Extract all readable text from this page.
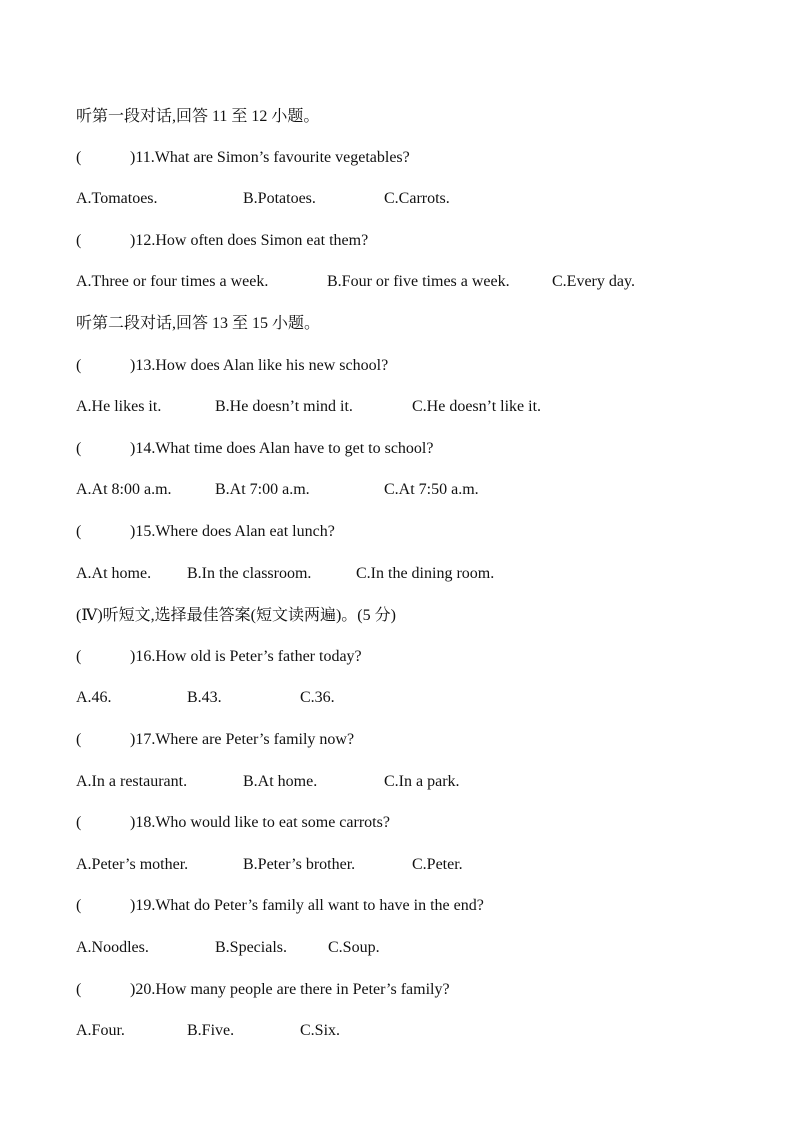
听第一段对话,回答 11 至 12 小题。
(	)11.What are Simon’s favourite vegetables?
A.Tomatoes.	B.Potatoes.	C.Carrots.
(	)12.How often does Simon eat them?
A.Three or four times a week.	B.Four or five times a week.	C.Every day.
听第二段对话,回答 13 至 15 小题。
(	)13.How does Alan like his new school?
A.He likes it.	B.He doesn’t mind it.	C.He doesn’t like it.
(	)14.What time does Alan have to get to school?
A.At 8:00 a.m.	B.At 7:00 a.m.	C.At 7:50 a.m.
(	)15.Where does Alan eat lunch?
A.At home. B.In the classroom.	C.In the dining room.
(Ⅳ)听短文,选择最佳答案(短文读两遍)。(5 分)
(	)16.How old is Peter’s father today?
A.46.	B.43.	C.36.
(	)17.Where are Peter’s family now?
A.In a restaurant.	B.At home.	C.In a park.
(	)18.Who would like to eat some carrots?
A.Peter’s mother.	B.Peter’s brother.	C.Peter.
(	)19.What do Peter’s family all want to have in the end?
A.Noodles.	B.Specials.	C.Soup.
(	)20.How many people are there in Peter’s family?
A.Four.	B.Five.	C.Six.
